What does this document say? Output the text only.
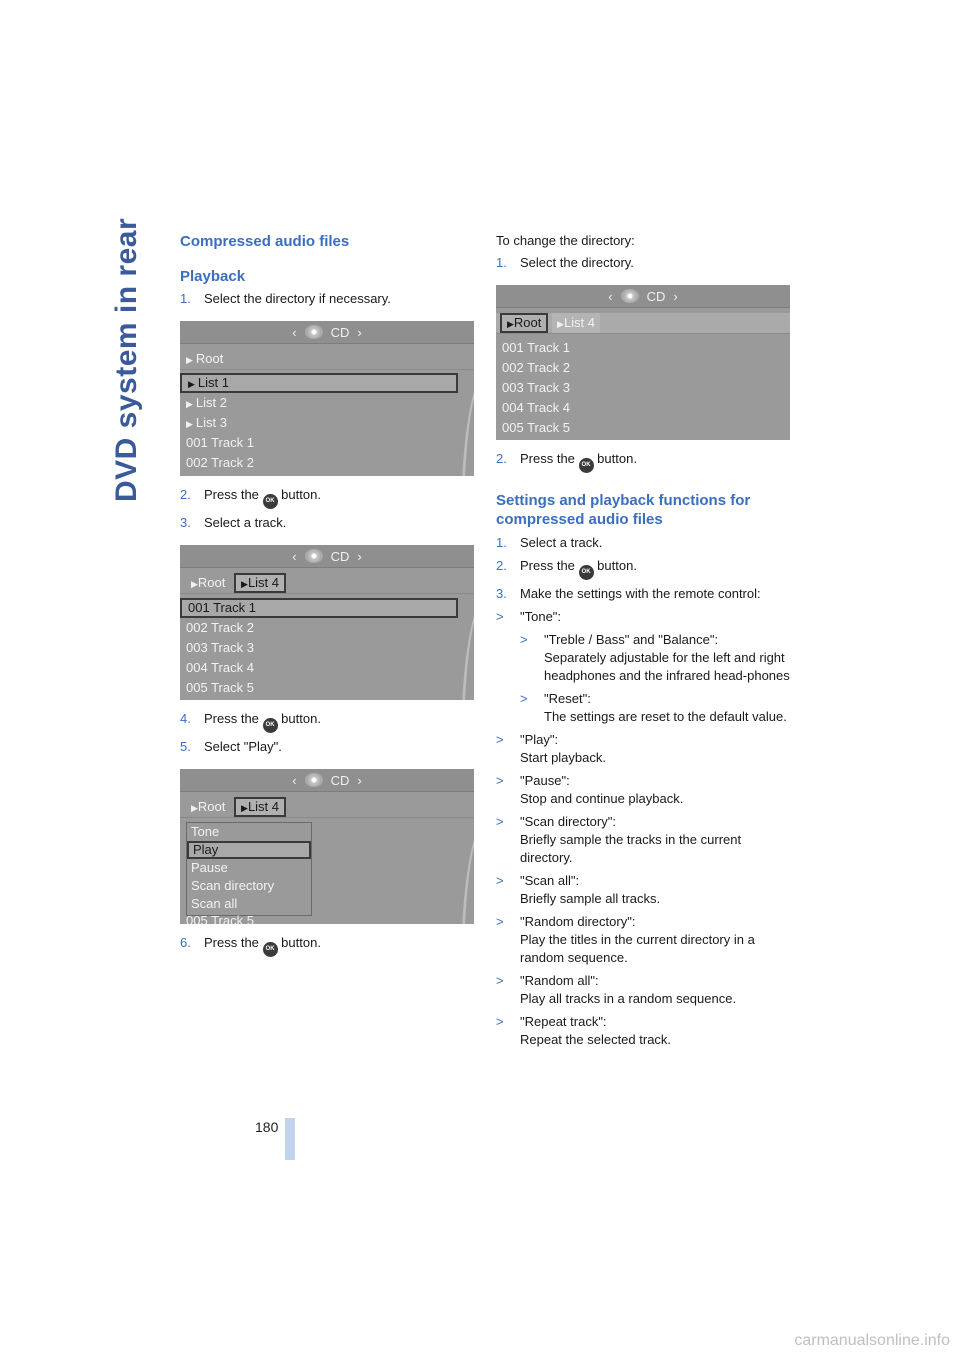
DVD system in rear Compressed audio files
Playback
1. Select the directory if necessary.
‹	CD ›
▶ Root
▶ List 1
▶ List 2
▶ List 3
001 Track 1
002 Track 2
2. Press the OK button.
3. Select a track.
‹	CD ›
▶Root ▶List 4
001 Track 1
002 Track 2
003 Track 3
004 Track 4
005 Track 5
4. Press the OK button.
5. Select "Play".
‹	CD ›
▶Root ▶List 4
Tone
Play
Pause
Scan directory
Scan all
005 Track 5
6. Press the OK button.
To change the directory:
1. Select the directory.
‹	CD ›
▶Root ▶List 4
001 Track 1
002 Track 2
003 Track 3
004 Track 4
005 Track 5
2. Press the OK button.
Settings and playback functions for
compressed audio files
1. Select a track.
2. Press the OK button.
3. Make the settings with the remote control:
> "Tone":
> "Treble / Bass" and "Balance":
Separately adjustable for the left and right headphones and the infrared head-phones
> "Reset":
The settings are reset to the default value.
> "Play":
Start playback.
> "Pause":
Stop and continue playback.
> "Scan directory":
Briefly sample the tracks in the current directory.
> "Scan all":
Briefly sample all tracks.
> "Random directory":
Play the titles in the current directory in a random sequence.
> "Random all":
Play all tracks in a random sequence.
> "Repeat track":
Repeat the selected track.
180
carmanualsonline.info
